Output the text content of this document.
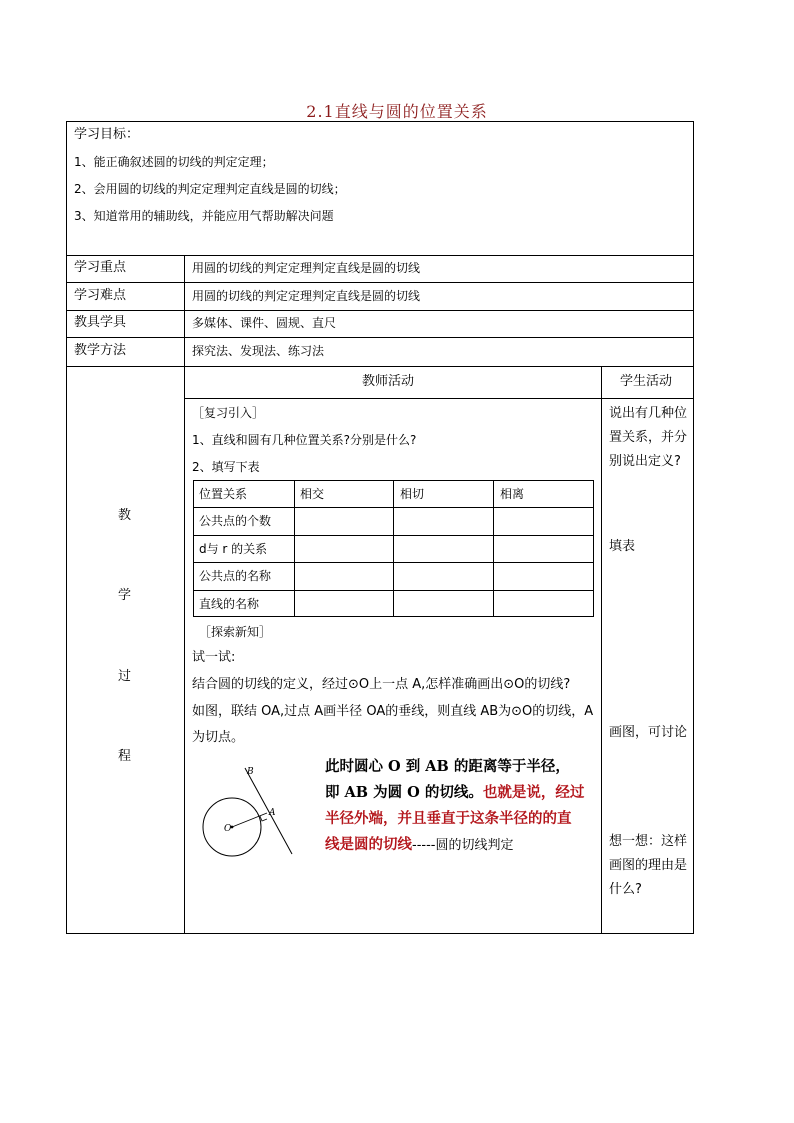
2.1直线与圆的位置关系
学习目标：
1、能正确叙述圆的切线的判定定理；
2、会用圆的切线的判定定理判定直线是圆的切线；
3、知道常用的辅助线，并能应用气帮助解决问题
学习重点	用圆的切线的判定定理判定直线是圆的切线
学习难点	用圆的切线的判定定理判定直线是圆的切线
教具学具	多媒体、课件、圆规、直尺
教学方法	探究法、发现法、练习法
教
学
过
程
教师活动	学生活动
［复习引入］
1、直线和圆有几种位置关系?分别是什么?
2、填写下表
位置关系	相交	相切	相离
公共点的个数
d与 r 的关系
公共点的名称
直线的名称
［探索新知］
试一试:
结合圆的切线的定义，经过⊙O上一点 A,怎样准确画出⊙O的切线?
如图，联结 OA,过点 A画半径 OA的垂线，则直线 AB为⊙O的切线，A
为切点。
B
A
O
此时圆心 O 到 AB 的距离等于半径，
即 AB 为圆 O 的切线。也就是说，经过
半径外端，并且垂直于这条半径的的直
线是圆的切线-----圆的切线判定
说出有几种位置关系，并分别说出定义?
填表
画图，可讨论
想一想：这样画图的理由是什么?
